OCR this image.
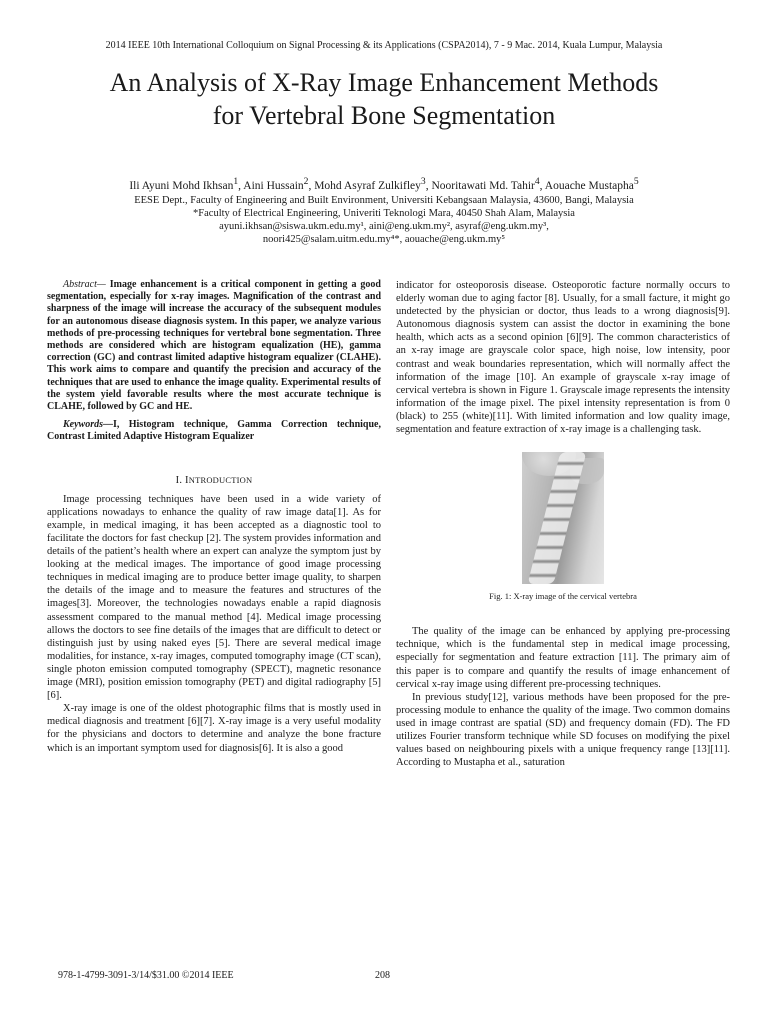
2014 IEEE 10th International Colloquium on Signal Processing & its Applications (CSPA2014), 7 - 9 Mac. 2014, Kuala Lumpur, Malaysia
An Analysis of X-Ray Image Enhancement Methods
for Vertebral Bone Segmentation
Ili Ayuni Mohd Ikhsan$^1$, Aini Hussain$^2$, Mohd Asyraf Zulkifley$^3$, Nooritawati Md. Tahir$^4$, Aouache Mustapha$^5$
EESE Dept., Faculty of Engineering and Built Environment, Universiti Kebangsaan Malaysia, 43600, Bangi, Malaysia
*Faculty of Electrical Engineering, Univeriti Teknologi Mara, 40450 Shah Alam, Malaysia
ayuni.ikhsan@siswa.ukm.edu.my¹, aini@eng.ukm.my², asyraf@eng.ukm.my³,
noori425@salam.uitm.edu.my⁴*, aouache@eng.ukm.my⁵

Abstract— Image enhancement is a critical component in getting a good segmentation, especially for x-ray images. Magnification of the contrast and sharpness of the image will increase the accuracy of the subsequent modules for an autonomous disease diagnosis system. In this paper, we analyze various methods of pre-processing techniques for vertebral bone segmentation. Three methods are considered which are histogram equalization (HE), gamma correction (GC) and contrast limited adaptive histogram equalizer (CLAHE). This work aims to compare and quantify the precision and accuracy of the techniques that are used to enhance the image quality. Experimental results of the system yield favorable results where the most accurate technique is CLAHE, followed by GC and HE.

Keywords—I, Histogram technique, Gamma Correction technique, Contrast Limited Adaptive Histogram Equalizer

I. INTRODUCTION

Image processing techniques have been used in a wide variety of applications nowadays to enhance the quality of raw image data[1]. As for example, in medical imaging, it has been accepted as a diagnostic tool to facilitate the doctors for fast checkup [2]. The system provides information and details of the patient’s health where an expert can analyze the symptom just by looking at the medical images. The importance of good image processing techniques in medical imaging are to produce better image quality, to sharpen the details of the image and to measure the features and structures of the images[3]. Moreover, the technologies nowadays enable a rapid diagnosis assessment compared to the manual method [4]. Medical image processing allows the doctors to see fine details of the images that are difficult to detect or distinguish just by using naked eyes [5]. There are several medical image modalities, for instance, x-ray images, computed tomography image (CT scan), single photon emission computed tomography (SPECT), magnetic resonance image (MRI), position emission tomography (PET) and digital radiography [5][6].

X-ray image is one of the oldest photographic films that is mostly used in medical diagnosis and treatment [6][7]. X-ray image is a very useful modality for the physicians and doctors to determine and analyze the bone fracture which is an important symptom used for diagnosis[6]. It is also a good

indicator for osteoporosis disease. Osteoporotic facture normally occurs to elderly woman due to aging factor [8]. Usually, for a small facture, it might go undetected by the physician or doctor, thus leads to a wrong diagnosis[9]. Autonomous diagnosis system can assist the doctor in examining the bone health, which acts as a second opinion [6][9]. The common characteristics of an x-ray image are grayscale color space, high noise, low intensity, poor contrast and weak boundaries representation, which will normally affect the information of the image [10]. An example of grayscale x-ray image of cervical vertebra is shown in Figure 1. Grayscale image represents the intensity information of the image pixel. The pixel intensity representation is from 0 (black) to 255 (white)[11]. With limited information and low quality image, segmentation and feature extraction of x-ray image is a challenging task.

Fig. 1: X-ray image of the cervical vertebra

The quality of the image can be enhanced by applying pre-processing technique, which is the fundamental step in medical image processing, especially for segmentation and feature extraction [11]. The primary aim of this paper is to compare and quantify the results of image enhancement of cervical x-ray image using different pre-processing techniques.

In previous study[12], various methods have been proposed for the pre-processing module to enhance the quality of the image. Two common domains used in image contrast are spatial (SD) and frequency domain (FD). The FD utilizes Fourier transform technique while SD focuses on modifying the pixel values based on neighbouring pixels with a unique frequency range [13][11]. According to Mustapha et al., saturation

978-1-4799-3091-3/14/$31.00 ©2014 IEEE	208
